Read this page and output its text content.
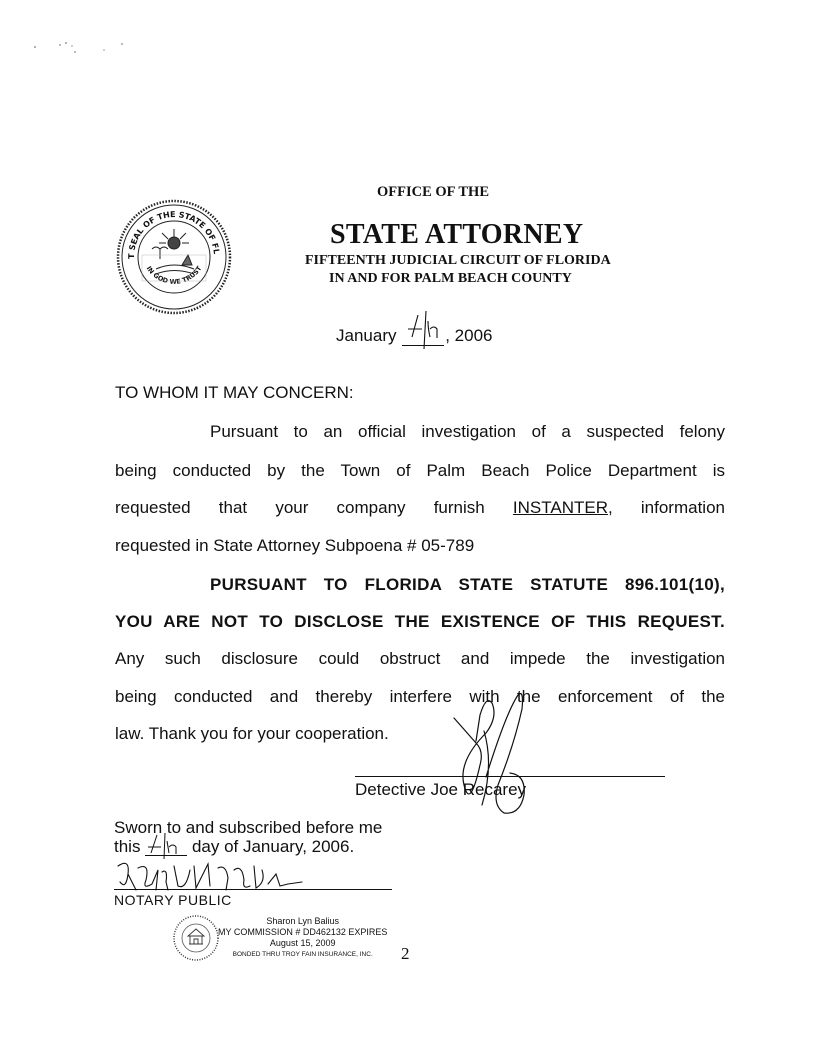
GREAT SEAL OF THE STATE OF FLORIDA
IN GOD WE TRUST
OFFICE OF THE
STATE ATTORNEY
FIFTEENTH JUDICIAL CIRCUIT OF FLORIDA
IN AND FOR PALM BEACH COUNTY
January	, 2006
TO WHOM IT MAY CONCERN:
Pursuant to an official investigation of a suspected felony
being conducted by the Town of Palm Beach Police Department is
requested that your company furnish INSTANTER, information
requested in State Attorney Subpoena # 05-789
PURSUANT TO FLORIDA STATE STATUTE 896.101(10),
YOU ARE NOT TO DISCLOSE THE EXISTENCE OF THIS REQUEST.
Any such disclosure could obstruct and impede the investigation
being conducted and thereby interfere with the enforcement of the
law. Thank you for your cooperation.
Detective Joe Recarey
Sworn to and subscribed before me
this	day of January, 2006.
NOTARY PUBLIC
Sharon Lyn Balius
MY COMMISSION # DD462132 EXPIRES
August 15, 2009
BONDED THRU TROY FAIN INSURANCE, INC.	2
